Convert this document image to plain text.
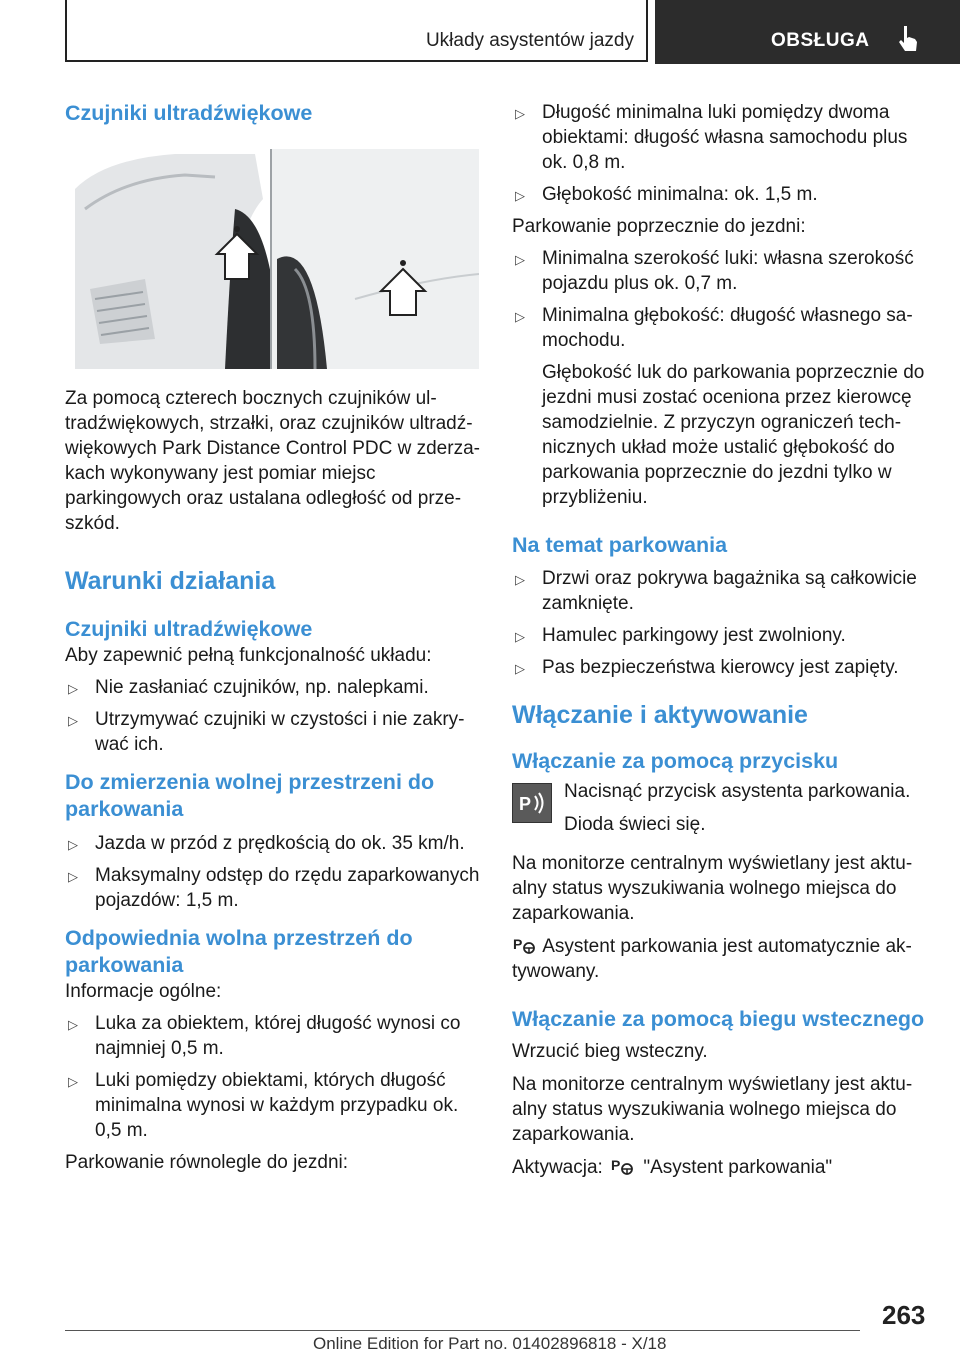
Układy asystentów jazdy	OBSŁUGA
Czujniki ultradźwiękowe

Za pomocą czterech bocznych czujników ultradźwiękowych, strzałki, oraz czujników ultradźwiękowych Park Distance Control PDC w zderzakach wykonywany jest pomiar miejsc parkingowych oraz ustalana odległość od przeszkód.

Warunki działania
Czujniki ultradźwiękowe

Aby zapewnić pełną funkcjonalność układu:

▷ Nie zasłaniać czujników, np. nalepkami.
▷ Utrzymywać czujniki w czystości i nie zakrywać ich.
Do zmierzenia wolnej przestrzeni do parkowania
▷ Jazda w przód z prędkością do ok. 35 km/h.
▷ Maksymalny odstęp do rzędu zaparkowanych pojazdów: 1,5 m.
Odpowiednia wolna przestrzeń do parkowania

Informacje ogólne:

▷ Luka za obiektem, której długość wynosi co najmniej 0,5 m.
▷ Luki pomiędzy obiektami, których długość minimalna wynosi w każdym przypadku ok. 0,5 m.

Parkowanie równolegle do jezdni:

▷ Długość minimalna luki pomiędzy dwoma obiektami: długość własna samochodu plus ok. 0,8 m.
▷ Głębokość minimalna: ok. 1,5 m.

Parkowanie poprzecznie do jezdni:

▷ Minimalna szerokość luki: własna szerokość pojazdu plus ok. 0,7 m.
▷ Minimalna głębokość: długość własnego samochodu.

Głębokość luk do parkowania poprzecznie do jezdni musi zostać oceniona przez kierowcę samodzielnie. Z przyczyn ograniczeń technicznych układ może ustalić głębokość do parkowania poprzecznie do jezdni tylko w przybliżeniu.

Na temat parkowania
▷ Drzwi oraz pokrywa bagażnika są całkowicie zamknięte.
▷ Hamulec parkingowy jest zwolniony.
▷ Pas bezpieczeństwa kierowcy jest zapięty.
Włączanie i aktywowanie
Włączanie za pomocą przycisku
P

Nacisnąć przycisk asystenta parkowania.

Dioda świeci się.

Na monitorze centralnym wyświetlany jest aktualny status wyszukiwania wolnego miejsca do zaparkowania.

P Asystent parkowania jest automatycznie aktywowany.

Włączanie za pomocą biegu wstecznego

Wrzucić bieg wsteczny.

Na monitorze centralnym wyświetlany jest aktualny status wyszukiwania wolnego miejsca do zaparkowania.

Aktywacja: P "Asystent parkowania"

263
Online Edition for Part no. 01402896818 - X/18
